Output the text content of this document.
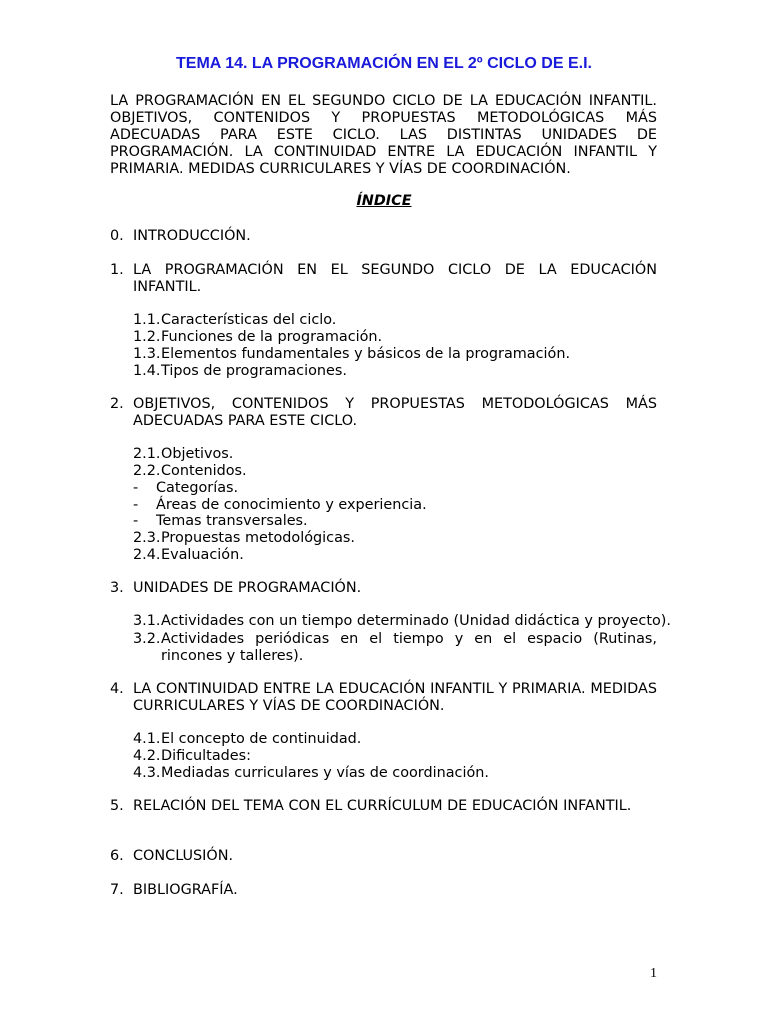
TEMA 14. LA PROGRAMACIÓN EN EL 2º CICLO DE E.I.
LA PROGRAMACIÓN EN EL SEGUNDO CICLO DE LA EDUCACIÓN INFANTIL. OBJETIVOS, CONTENIDOS Y PROPUESTAS METODOLÓGICAS MÁS ADECUADAS PARA ESTE CICLO. LAS DISTINTAS UNIDADES DE PROGRAMACIÓN. LA CONTINUIDAD ENTRE LA EDUCACIÓN INFANTIL Y PRIMARIA. MEDIDAS CURRICULARES Y VÍAS DE COORDINACIÓN.
ÍNDICE
0. INTRODUCCIÓN.
1. LA PROGRAMACIÓN EN EL SEGUNDO CICLO DE LA EDUCACIÓN INFANTIL.
1.1. Características del ciclo.
1.2. Funciones de la programación.
1.3. Elementos fundamentales y básicos de la programación.
1.4. Tipos de programaciones.
2. OBJETIVOS, CONTENIDOS Y PROPUESTAS METODOLÓGICAS MÁS ADECUADAS PARA ESTE CICLO.
2.1. Objetivos.
2.2. Contenidos.
- Categorías.
- Áreas de conocimiento y experiencia.
- Temas transversales.
2.3. Propuestas metodológicas.
2.4. Evaluación.
3. UNIDADES DE PROGRAMACIÓN.
3.1. Actividades con un tiempo determinado (Unidad didáctica y proyecto).
3.2. Actividades periódicas en el tiempo y en el espacio (Rutinas, rincones y talleres).
4. LA CONTINUIDAD ENTRE LA EDUCACIÓN INFANTIL Y PRIMARIA. MEDIDAS CURRICULARES Y VÍAS DE COORDINACIÓN.
4.1. El concepto de continuidad.
4.2. Dificultades:
4.3. Mediadas curriculares y vías de coordinación.
5. RELACIÓN DEL TEMA CON EL CURRÍCULUM DE EDUCACIÓN INFANTIL.
6. CONCLUSIÓN.
7. BIBLIOGRAFÍA.
1
